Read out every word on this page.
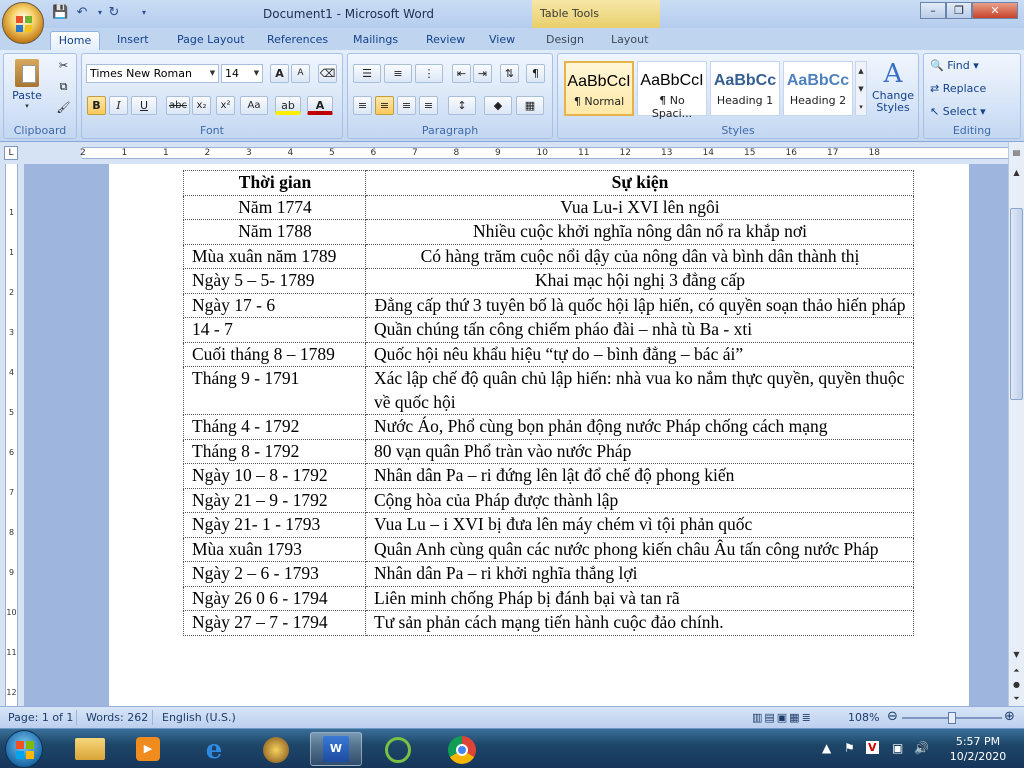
💾 ↶	▾ ↻	▾	Document1 - Microsoft Word	Table Tools	–	❐	✕
Home	Insert	Page Layout References Mailings	Review View	Design Layout
Paste
▾
✂
⧉
🖌
Clipboard
Times New Roman	▼ 14	▼	A	A	⌫
B	I	U	abc x₂	x²	Aa	ab	A
Font
☰	≡	⋮	⇤	⇥	⇅	¶
≡	≡	≡	≡	↕	◆	▦
Paragraph
AaBbCcI
¶ Normal
AaBbCcI
¶ No Spaci...
AaBbCc
Heading 1
AaBbCc
Heading 2
▲
▼
▾
A
Change Styles
Styles
🔍 Find ▾
⇄ Replace
↖ Select ▾
Editing
L	2	1	1	2	3	4	5	6	7	8	9	10	11	12	13	14	15	16	17	18
1
1
2
3
4
5
6
7
8
9
10
11
12
Thời gian	Sự kiện
Năm 1774	Vua Lu-i XVI lên ngôi
Năm 1788	Nhiều cuộc khởi nghĩa nông dân nổ ra khắp nơi
Mùa xuân năm 1789	Có hàng trăm cuộc nổi dậy của nông dân và bình dân thành thị
Ngày 5 – 5- 1789	Khai mạc hội nghị 3 đẳng cấp
Ngày 17 - 6	Đẳng cấp thứ 3 tuyên bố là quốc hội lập hiến, có quyền soạn thảo hiến pháp
14 - 7	Quần chúng tấn công chiếm pháo đài – nhà tù Ba - xti
Cuối tháng 8 – 1789	Quốc hội nêu khẩu hiệu “tự do – bình đẳng – bác ái”
Tháng 9 - 1791	Xác lập chế độ quân chủ lập hiến: nhà vua ko nắm thực quyền, quyền thuộc về quốc hội
Tháng 4 - 1792	Nước Áo, Phổ cùng bọn phản động nước Pháp chống cách mạng
Tháng 8 - 1792	80 vạn quân Phổ tràn vào nước Pháp
Ngày 10 – 8 - 1792	Nhân dân Pa – ri đứng lên lật đổ chế độ phong kiến
Ngày 21 – 9 - 1792	Cộng hòa của Pháp được thành lập
Ngày 21- 1 - 1793	Vua Lu – i XVI bị đưa lên máy chém vì tội phản quốc
Mùa xuân 1793	Quân Anh cùng quân các nước phong kiến châu Âu tấn công nước Pháp
Ngày 2 – 6 - 1793	Nhân dân Pa – ri khởi nghĩa thắng lợi
Ngày 26 0 6 - 1794	Liên minh chống Pháp bị đánh bại và tan rã
Ngày 27 – 7 - 1794	Tư sản phản cách mạng tiến hành cuộc đảo chính.
▤
▲
▼
⏶
●
⏷
Page: 1 of 1 Words: 262 English (U.S.)	▥▤▣▦≣	108% ⊖	⊕
▶ e	W	▲ ⚑ V ▣ 🔊	5:57 PM
10/2/2020
